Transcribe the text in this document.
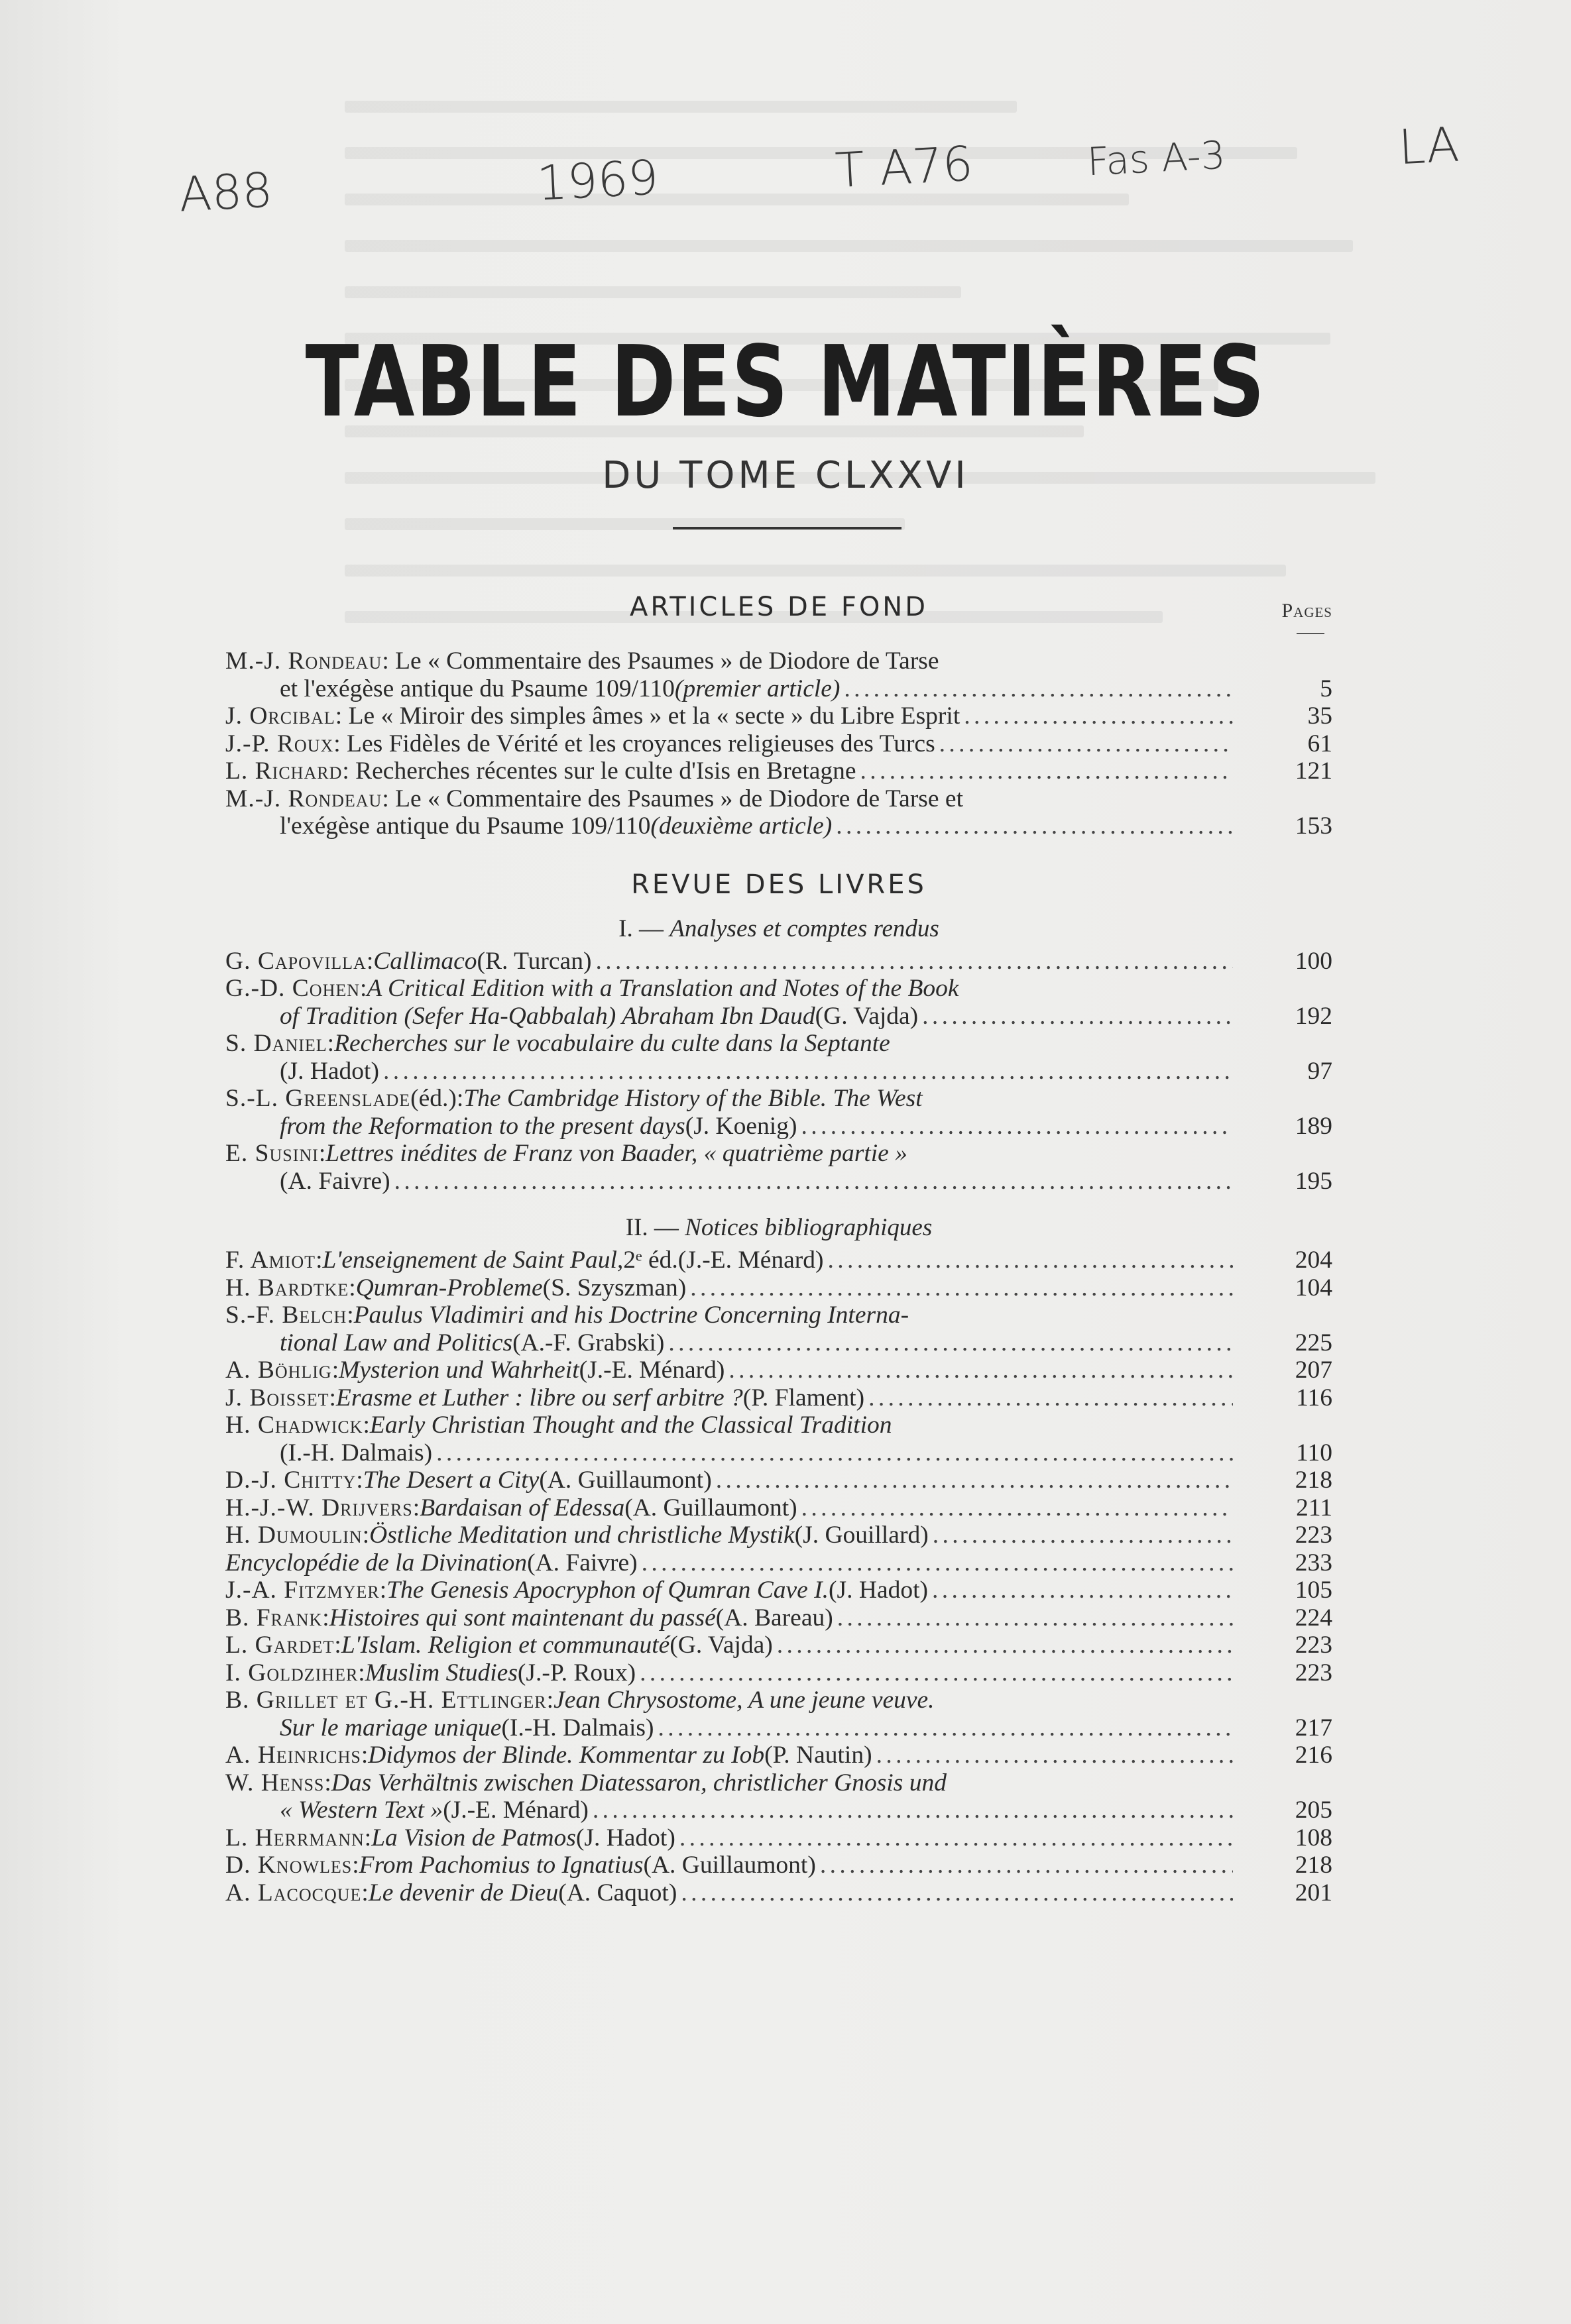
A88	1969	T A76	Fas A-3	LA
TABLE DES MATIÈRES
DU TOME CLXXVI
ARTICLES DE FOND	Pages
M.-J. Rondeau : Le « Commentaire des Psaumes » de Diodore de Tarse
et l'exégèse antique du Psaume 109/110 (premier article) . . .	5
J. Orcibal : Le « Miroir des simples âmes » et la « secte » du Libre Esprit . . .	35
J.-P. Roux : Les Fidèles de Vérité et les croyances religieuses des Turcs . . .	61
L. Richard : Recherches récentes sur le culte d'Isis en Bretagne . . .	121
M.-J. Rondeau : Le « Commentaire des Psaumes » de Diodore de Tarse et
l'exégèse antique du Psaume 109/110 (deuxième article) . . .	153
REVUE DES LIVRES
I. — Analyses et comptes rendus
G. Capovilla : Callimaco (R. Turcan) . . .	100
G.-D. Cohen : A Critical Edition with a Translation and Notes of the Book
of Tradition (Sefer Ha-Qabbalah) Abraham Ibn Daud (G. Vajda) . . .	192
S. Daniel : Recherches sur le vocabulaire du culte dans la Septante
(J. Hadot) . . .	97
S.-L. Greenslade (éd.) : The Cambridge History of the Bible. The West
from the Reformation to the present days (J. Koenig) . . .	189
E. Susini : Lettres inédites de Franz von Baader, « quatrième partie »
(A. Faivre) . . .	195
II. — Notices bibliographiques
F. Amiot : L'enseignement de Saint Paul, 2ᵉ éd. (J.-E. Ménard) . . .	204
H. Bardtke : Qumran-Probleme (S. Szyszman) . . .	104
S.-F. Belch : Paulus Vladimiri and his Doctrine Concerning Interna-
tional Law and Politics (A.-F. Grabski) . . .	225
A. Böhlig : Mysterion und Wahrheit (J.-E. Ménard) . . .	207
J. Boisset : Erasme et Luther : libre ou serf arbitre ? (P. Flament) . . .	116
H. Chadwick : Early Christian Thought and the Classical Tradition
(I.-H. Dalmais) . . .	110
D.-J. Chitty : The Desert a City (A. Guillaumont) . . .	218
H.-J.-W. Drijvers : Bardaisan of Edessa (A. Guillaumont) . . .	211
H. Dumoulin : Östliche Meditation und christliche Mystik (J. Gouillard) . . .	223
Encyclopédie de la Divination (A. Faivre) . . .	233
J.-A. Fitzmyer : The Genesis Apocryphon of Qumran Cave I. (J. Hadot) . . .	105
B. Frank : Histoires qui sont maintenant du passé (A. Bareau) . . .	224
L. Gardet : L'Islam. Religion et communauté (G. Vajda) . . .	223
I. Goldziher : Muslim Studies (J.-P. Roux) . . .	223
B. Grillet et G.-H. Ettlinger : Jean Chrysostome, A une jeune veuve.
Sur le mariage unique (I.-H. Dalmais) . . .	217
A. Heinrichs : Didymos der Blinde. Kommentar zu Iob (P. Nautin) . . .	216
W. Henss : Das Verhältnis zwischen Diatessaron, christlicher Gnosis und
« Western Text » (J.-E. Ménard) . . .	205
L. Herrmann : La Vision de Patmos (J. Hadot) . . .	108
D. Knowles : From Pachomius to Ignatius (A. Guillaumont) . . .	218
A. Lacocque : Le devenir de Dieu (A. Caquot) . . .	201
